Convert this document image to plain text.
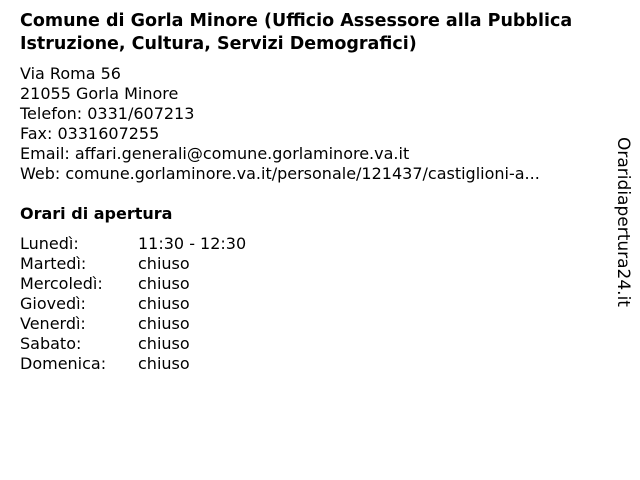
Comune di Gorla Minore (Ufficio Assessore alla Pubblica Istruzione, Cultura, Servizi Demografici)
Via Roma 56
21055 Gorla Minore
Telefon: 0331/607213
Fax: 0331607255
Email: affari.generali@comune.gorlaminore.va.it
Web: comune.gorlaminore.va.it/personale/121437/castiglioni-a...
Orari di apertura
Lunedì:	11:30 - 12:30
Martedì:	chiuso
Mercoledì:	chiuso
Giovedì:	chiuso
Venerdì:	chiuso
Sabato:	chiuso
Domenica:	chiuso
Oraridiapertura24.it
